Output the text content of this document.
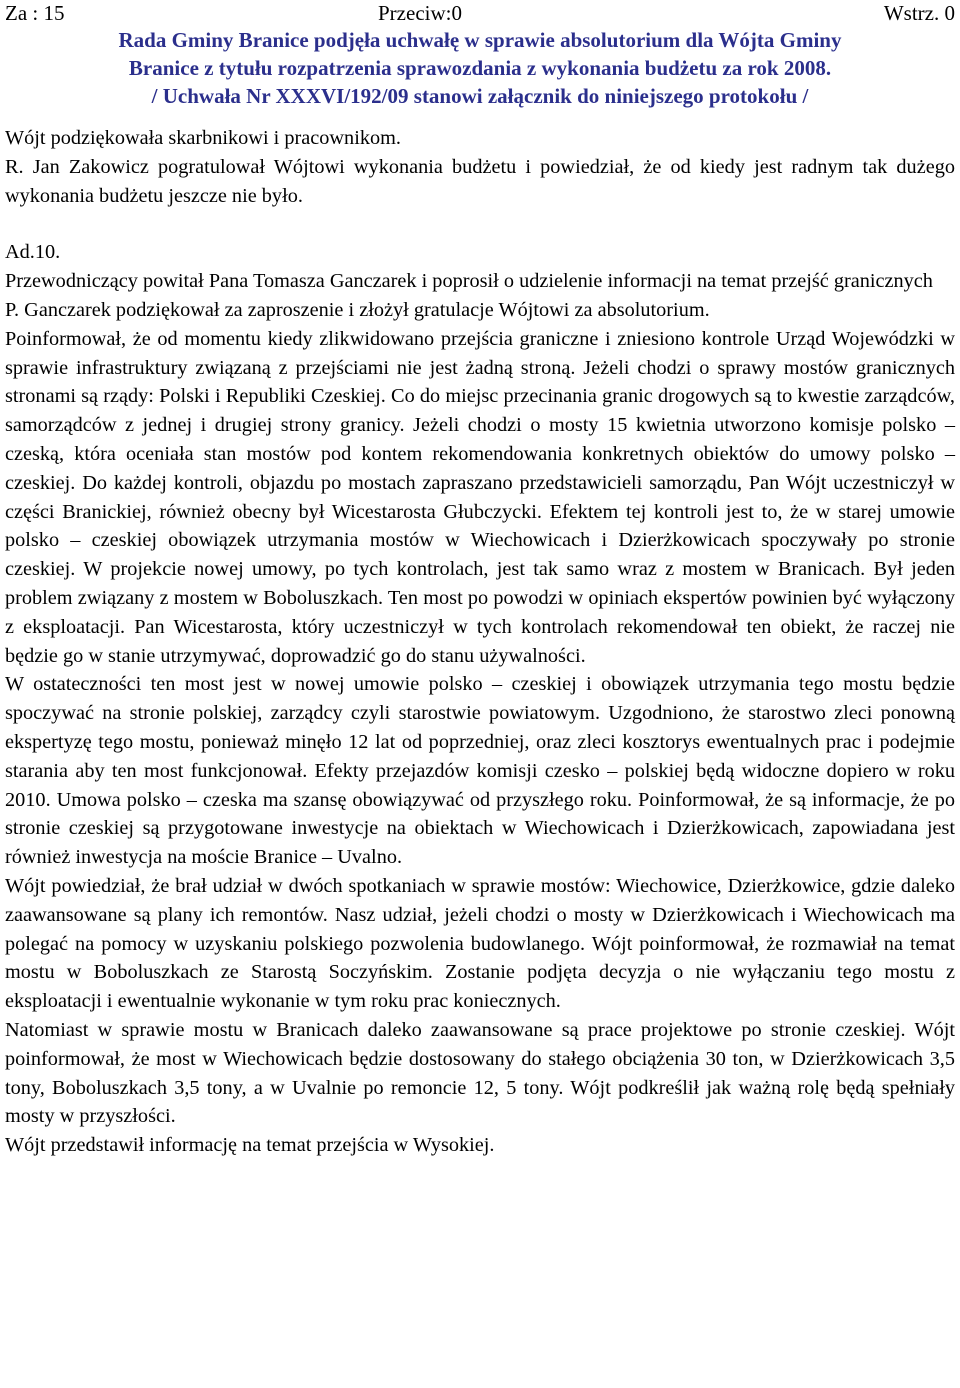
Za : 15	Przeciw:0	Wstrz. 0
Rada Gminy Branice podjęła uchwałę w sprawie absolutorium dla Wójta Gminy
Branice z tytułu rozpatrzenia sprawozdania z wykonania budżetu za rok 2008.
/ Uchwała Nr XXXVI/192/09 stanowi załącznik do niniejszego protokołu /
Wójt podziękowała skarbnikowi i pracownikom.
R. Jan Zakowicz pogratulował Wójtowi wykonania budżetu i powiedział, że od kiedy jest radnym tak dużego wykonania budżetu jeszcze nie było.
Ad.10.
Przewodniczący powitał Pana Tomasza Ganczarek i poprosił o udzielenie informacji na temat przejść granicznych
P. Ganczarek podziękował za zaproszenie i złożył gratulacje Wójtowi za absolutorium.
Poinformował, że od momentu kiedy zlikwidowano przejścia graniczne i zniesiono kontrole Urząd Wojewódzki w sprawie infrastruktury związaną z przejściami nie jest żadną stroną. Jeżeli chodzi o sprawy mostów granicznych stronami są rządy: Polski i Republiki Czeskiej. Co do miejsc przecinania granic drogowych są to kwestie zarządców, samorządców z jednej i drugiej strony granicy. Jeżeli chodzi o mosty 15 kwietnia utworzono komisje polsko – czeską, która oceniała stan mostów pod kontem rekomendowania konkretnych obiektów do umowy polsko – czeskiej. Do każdej kontroli, objazdu po mostach zapraszano przedstawicieli samorządu, Pan Wójt uczestniczył w części Branickiej, również obecny był Wicestarosta Głubczycki. Efektem tej kontroli jest to, że w starej umowie polsko – czeskiej obowiązek utrzymania mostów w Wiechowicach i Dzierżkowicach spoczywały po stronie czeskiej. W projekcie nowej umowy, po tych kontrolach, jest tak samo wraz z mostem w Branicach. Był jeden problem związany z mostem w Boboluszkach. Ten most po powodzi w opiniach ekspertów powinien być wyłączony z eksploatacji. Pan Wicestarosta, który uczestniczył w tych kontrolach rekomendował ten obiekt, że raczej nie będzie go w stanie utrzymywać, doprowadzić go do stanu używalności.
W ostateczności ten most jest w nowej umowie polsko – czeskiej i obowiązek utrzymania tego mostu będzie spoczywać na stronie polskiej, zarządcy czyli starostwie powiatowym. Uzgodniono, że starostwo zleci ponowną ekspertyzę tego mostu, ponieważ minęło 12 lat od poprzedniej, oraz zleci kosztorys ewentualnych prac i podejmie starania aby ten most funkcjonował. Efekty przejazdów komisji czesko – polskiej będą widoczne dopiero w roku 2010. Umowa polsko – czeska ma szansę obowiązywać od przyszłego roku. Poinformował, że są informacje, że po stronie czeskiej są przygotowane inwestycje na obiektach w Wiechowicach i Dzierżkowicach, zapowiadana jest również inwestycja na moście Branice – Uvalno.
Wójt powiedział, że brał udział w dwóch spotkaniach w sprawie mostów: Wiechowice, Dzierżkowice, gdzie daleko zaawansowane są plany ich remontów. Nasz udział, jeżeli chodzi o mosty w Dzierżkowicach i Wiechowicach ma polegać na pomocy w uzyskaniu polskiego pozwolenia budowlanego. Wójt poinformował, że rozmawiał na temat mostu w Boboluszkach ze Starostą Soczyńskim. Zostanie podjęta decyzja o nie wyłączaniu tego mostu z eksploatacji i ewentualnie wykonanie w tym roku prac koniecznych.
Natomiast w sprawie mostu w Branicach daleko zaawansowane są prace projektowe po stronie czeskiej. Wójt poinformował, że most w Wiechowicach będzie dostosowany do stałego obciążenia 30 ton, w Dzierżkowicach 3,5 tony, Boboluszkach 3,5 tony, a w Uvalnie po remoncie 12, 5 tony. Wójt podkreślił jak ważną rolę będą spełniały mosty w przyszłości.
Wójt przedstawił informację na temat przejścia w Wysokiej.
